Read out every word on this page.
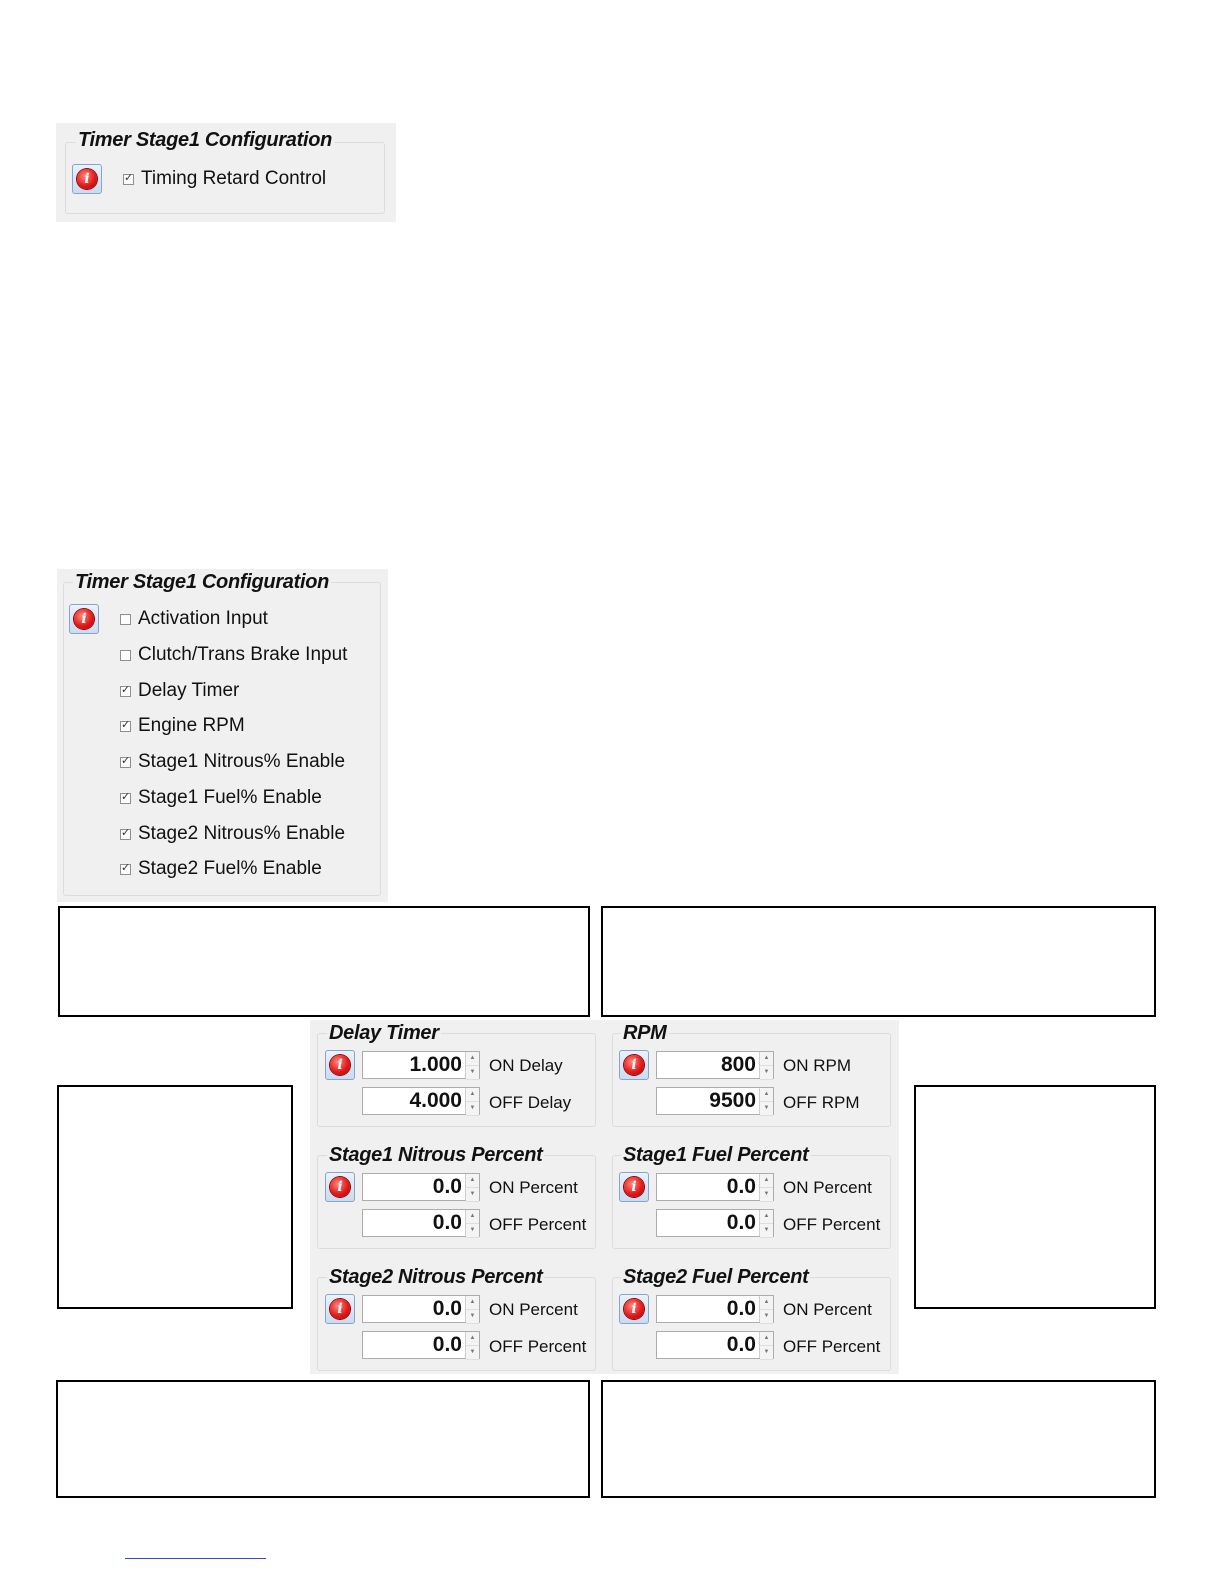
Timer Stage1 Configuration
i
✓	Timing Retard Control
Timer Stage1 Configuration
i	Activation Input
Clutch/Trans Brake Input
✓
Delay Timer
✓
Engine RPM
✓
Stage1 Nitrous% Enable
✓
Stage1 Fuel% Enable
✓
Stage2 Nitrous% Enable
✓
Stage2 Fuel% Enable
Delay Timer
i	1.000	▲
▼ ON Delay
4.000	▲
▼ OFF Delay
RPM
i	800	▲
▼ ON RPM
9500	▲
▼ OFF RPM
Stage1 Nitrous Percent
i	0.0	▲
▼ ON Percent
0.0	▲
▼ OFF Percent
Stage1 Fuel Percent
i	0.0	▲
▼ ON Percent
0.0	▲
▼ OFF Percent
Stage2 Nitrous Percent
i	0.0	▲
▼ ON Percent
0.0	▲
▼ OFF Percent
Stage2 Fuel Percent
i	0.0	▲
▼ ON Percent
0.0	▲
▼ OFF Percent
